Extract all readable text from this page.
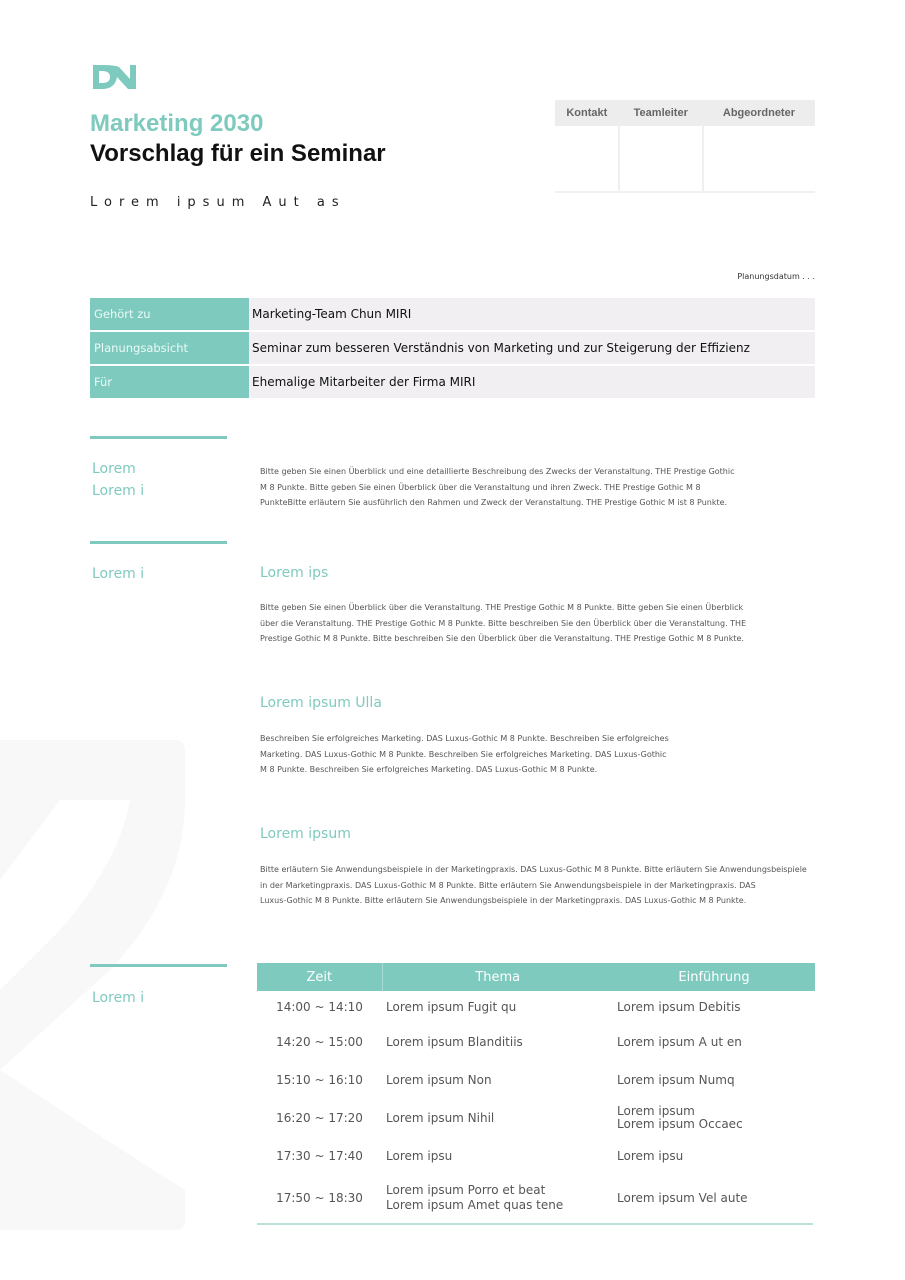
Marketing 2030
Vorschlag für ein Seminar
Lorem ipsum Aut as
Kontakt	Teamleiter	Abgeordneter

Planungsdatum . . .
Gehört zu	Marketing-Team Chun MIRI
Planungsabsicht	Seminar zum besseren Verständnis von Marketing und zur Steigerung der Effizienz
Für	Ehemalige Mitarbeiter der Firma MIRI
Lorem
Lorem i
Bitte geben Sie einen Überblick und eine detaillierte Beschreibung des Zwecks der Veranstaltung. THE Prestige Gothic
M 8 Punkte. Bitte geben Sie einen Überblick über die Veranstaltung und ihren Zweck. THE Prestige Gothic M 8
PunkteBitte erläutern Sie ausführlich den Rahmen und Zweck der Veranstaltung. THE Prestige Gothic M ist 8 Punkte.
Lorem i	Lorem ips
Bitte geben Sie einen Überblick über die Veranstaltung. THE Prestige Gothic M 8 Punkte. Bitte geben Sie einen Überblick
über die Veranstaltung. THE Prestige Gothic M 8 Punkte. Bitte beschreiben Sie den Überblick über die Veranstaltung. THE
Prestige Gothic M 8 Punkte. Bitte beschreiben Sie den Überblick über die Veranstaltung. THE Prestige Gothic M 8 Punkte.
Lorem ipsum Ulla
Beschreiben Sie erfolgreiches Marketing. DAS Luxus-Gothic M 8 Punkte. Beschreiben Sie erfolgreiches
Marketing. DAS Luxus-Gothic M 8 Punkte. Beschreiben Sie erfolgreiches Marketing. DAS Luxus-Gothic
M 8 Punkte. Beschreiben Sie erfolgreiches Marketing. DAS Luxus-Gothic M 8 Punkte.
Lorem ipsum
Bitte erläutern Sie Anwendungsbeispiele in der Marketingpraxis. DAS Luxus-Gothic M 8 Punkte. Bitte erläutern Sie Anwendungsbeispiele
in der Marketingpraxis. DAS Luxus-Gothic M 8 Punkte. Bitte erläutern Sie Anwendungsbeispiele in der Marketingpraxis. DAS
Luxus-Gothic M 8 Punkte. Bitte erläutern Sie Anwendungsbeispiele in der Marketingpraxis. DAS Luxus-Gothic M 8 Punkte.
Lorem i
Zeit	Thema	Einführung
14:00 ~ 14:10	Lorem ipsum Fugit qu	Lorem ipsum Debitis

14:20 ~ 15:00	Lorem ipsum Blanditiis	Lorem ipsum A ut en

15:10 ~ 16:10	Lorem ipsum Non	Lorem ipsum Numq

16:20 ~ 17:20	Lorem ipsum Nihil	Lorem ipsum
Lorem ipsum Occaec

17:30 ~ 17:40	Lorem ipsu	Lorem ipsu

17:50 ~ 18:30	Lorem ipsum Porro et beat
Lorem ipsum Amet quas tene	Lorem ipsum Vel aute
